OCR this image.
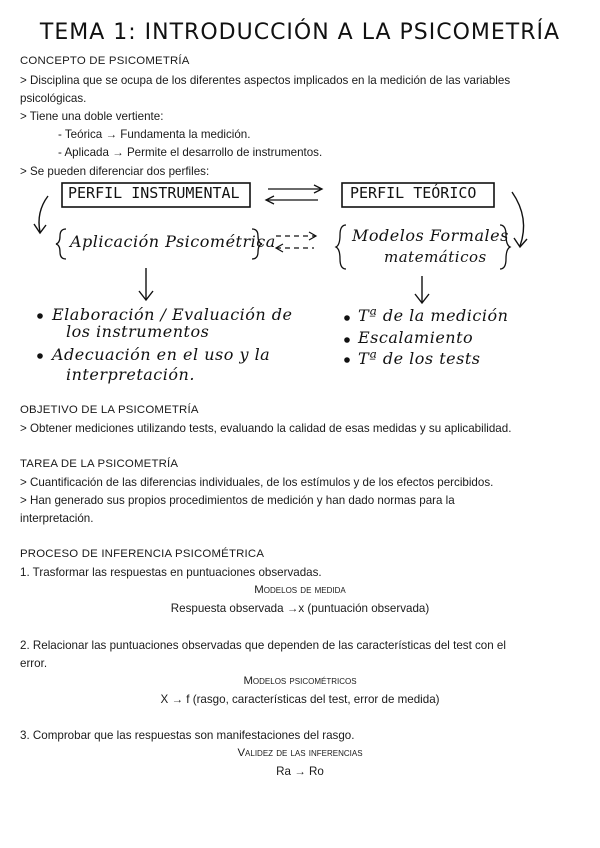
TEMA 1: INTRODUCCIÓN A LA PSICOMETRÍA
CONCEPTO DE PSICOMETRÍA
> Disciplina que se ocupa de los diferentes aspectos implicados en la medición de las variables
psicológicas.
> Tiene una doble vertiente:
- Teórica → Fundamenta la medición.
- Aplicada → Permite el desarrollo de instrumentos.
> Se pueden diferenciar dos perfiles:
PERFIL INSTRUMENTAL	PERFIL TEÓRICO
Aplicación Psicométrica	Modelos Formales
matemáticos
Elaboración / Evaluación de
los instrumentos
Adecuación en el uso y la
interpretación.
Tª de la medición
Escalamiento
Tª de los tests
OBJETIVO DE LA PSICOMETRÍA
> Obtener mediciones utilizando tests, evaluando la calidad de esas medidas y su aplicabilidad.
TAREA DE LA PSICOMETRÍA
> Cuantificación de las diferencias individuales, de los estímulos y de los efectos percibidos.
> Han generado sus propios procedimientos de medición y han dado normas para la
interpretación.
PROCESO DE INFERENCIA PSICOMÉTRICA
1. Trasformar las respuestas en puntuaciones observadas.
Modelos de medida
Respuesta observada →x (puntuación observada)
2. Relacionar las puntuaciones observadas que dependen de las características del test con el
error.
Modelos psicométricos
X → f (rasgo, características del test, error de medida)
3. Comprobar que las respuestas son manifestaciones del rasgo.
Validez de las inferencias
Ra → Ro
